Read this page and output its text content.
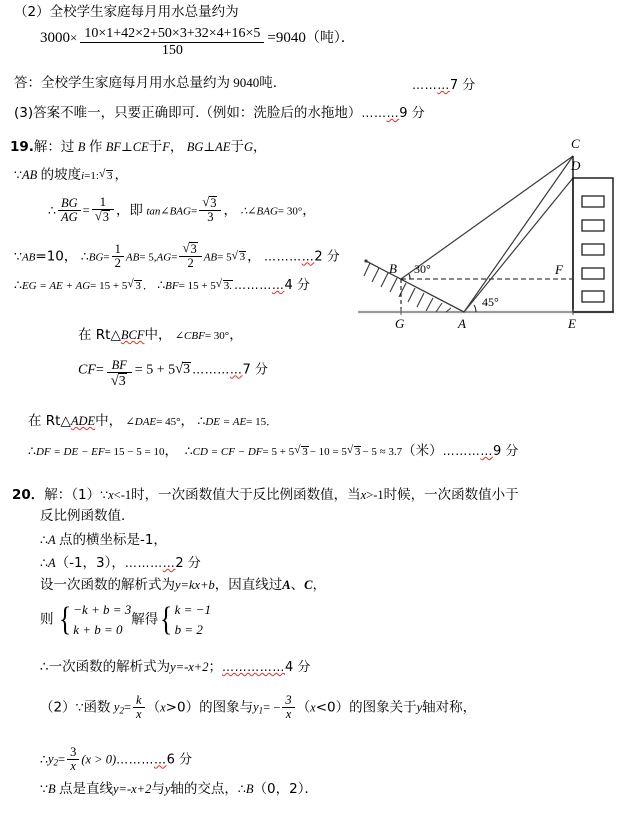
（2）全校学生家庭每月用水总量约为
$3000\times \frac{10\times 1+42\times 2+50\times 3+32\times 4+16\times 5}{150} =9040$（吨）．
答：全校学生家庭每月用水总量约为 9040吨.	………7 分
(3)答案不唯一，只要正确即可.（例如：洗脸后的水拖地）………9 分
19.解：过 B 作 BF⊥CE于F， BG⊥AE于G，
∵AB 的坡度i=1: √ 3 ，
∴ $\frac{BG}{AG} = 1$
√ 3 ，即 tan∠BAG= √ $\frac{3}{3}$ ， ∴∠BAG= 30°，
∵AB=10， ∴BG= $\frac{1}{2} AB= 5,AG=$ √ $\frac{3}{2} AB= 5$ √ 3 ， …………2 分
∴EG = AE + AG= 15 + 5 √ 3 ． ∴BF= 15 + 5 √ 3. …………4 分
在 Rt△BCF中， ∠CBF= 30°，
CF= BF
√ 3 = 5 + 5 √ 3 …………7 分
在 Rt△ADE中， ∠DAE= 45°， ∴DE = AE= 15．
∴DF = DE − EF= 15 − 5 = 10， ∴CD = CF − DF= 5 + 5 √ 3 − 10 = 5 √ 3 − 5 ≈ 3.7（米）…………9 分
C
D
B 30°	F
45°
G	A	E
20．解：（1）∵x<-1时，一次函数值大于反比例函数值，当x>-1时候，一次函数值小于
反比例函数值．
∴A 点的横坐标是-1，
∴A（-1，3），…………2 分
设一次函数的解析式为y=kx+b，因直线过A、C，
则 { −k + b = 3
k + b = 0
解得 { k = −1
b = 2
∴一次函数的解析式为y=-x+2；……………4 分
（2）∵函数 $y_2= \frac{k}{x} (x>0)$的图象与$y_1= - \frac{3}{x} (x<0)$的图象关于y轴对称，
$\therefore y_2= \frac{3}{x} (x$ > 0)…………6 分
∵B 点是直线y=-x+2与y轴的交点，∴B（0，2）．
